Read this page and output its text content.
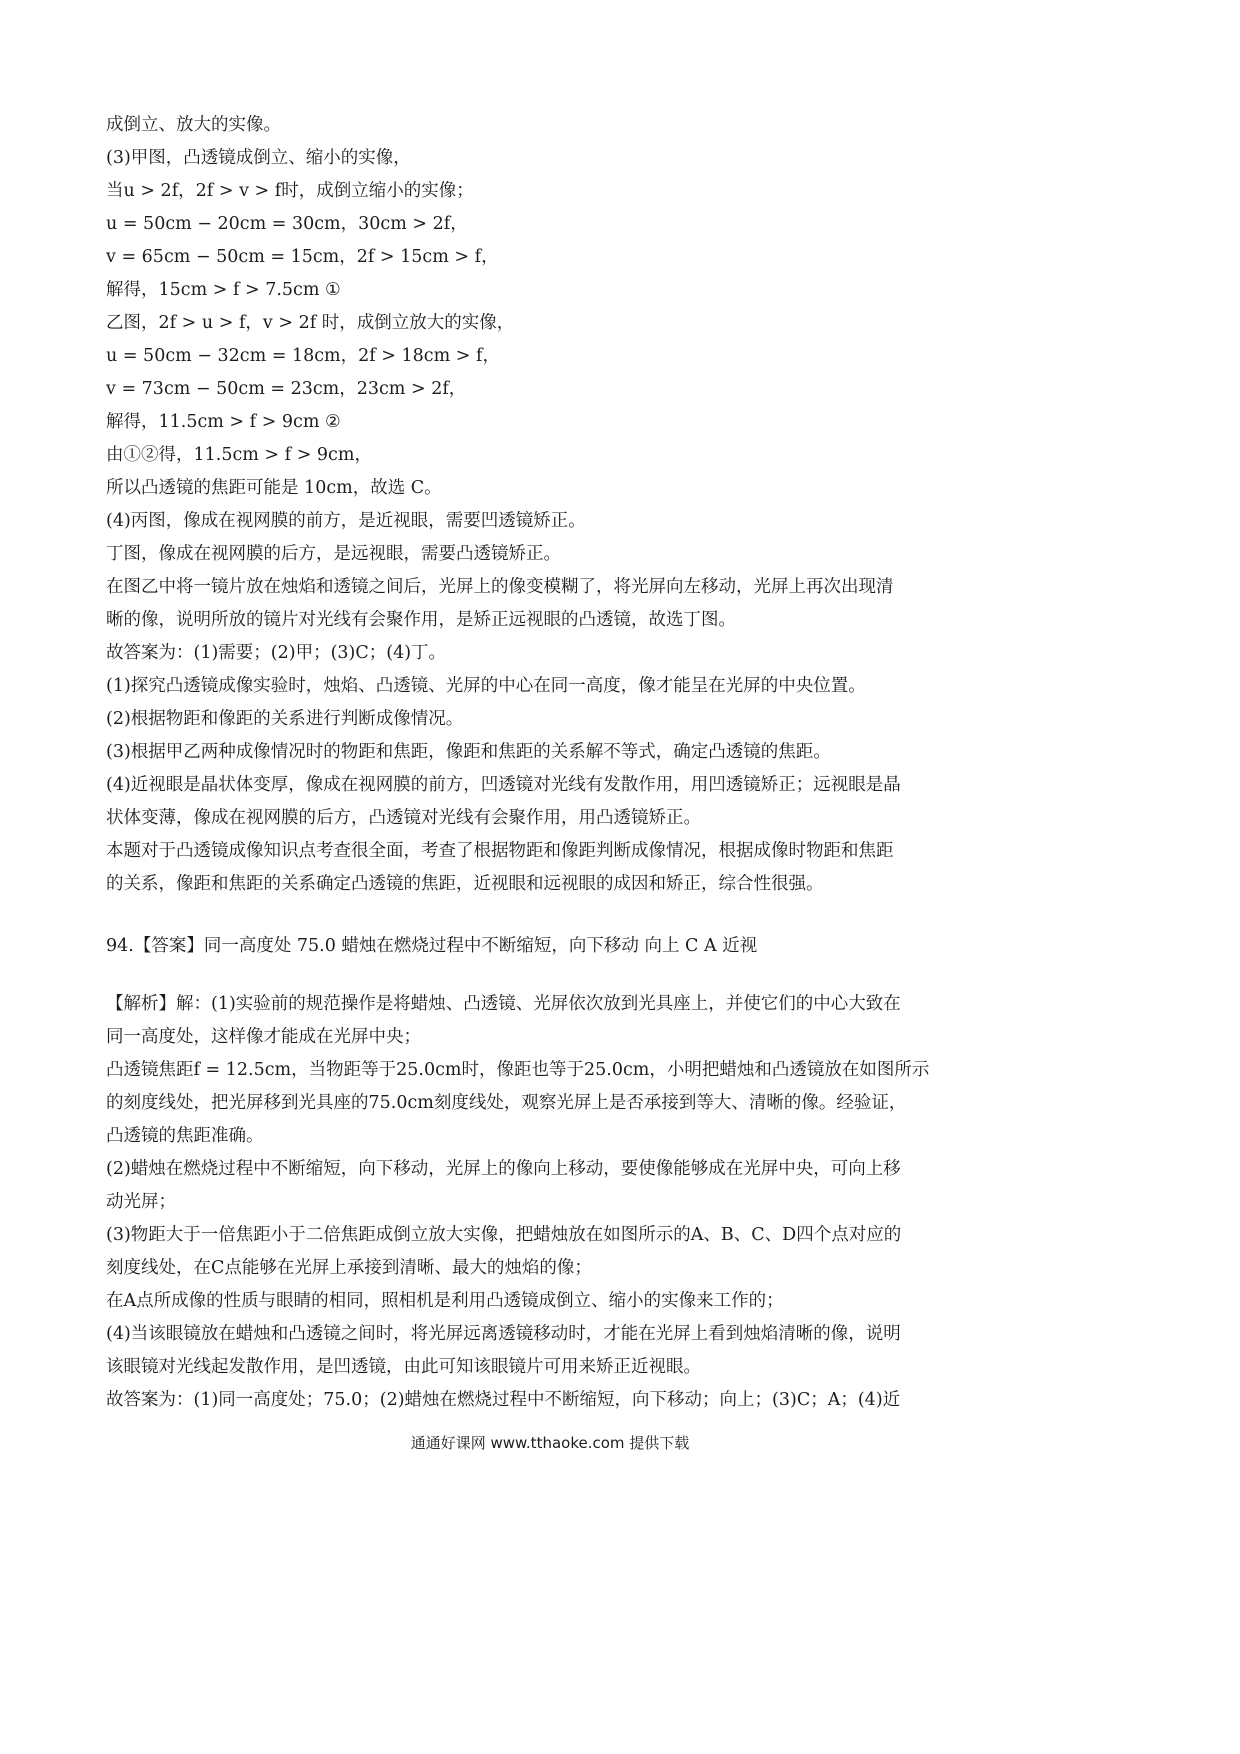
成倒立、放大的实像。
(3)甲图，凸透镜成倒立、缩小的实像，
当u > 2f，2f > v > f时，成倒立缩小的实像；
u = 50cm − 20cm = 30cm，30cm > 2f，
v = 65cm − 50cm = 15cm，2f > 15cm > f，
解得，15cm > f > 7.5cm ①
乙图，2f > u > f，v > 2f 时，成倒立放大的实像，
u = 50cm − 32cm = 18cm，2f > 18cm > f，
v = 73cm − 50cm = 23cm，23cm > 2f，
解得，11.5cm > f > 9cm ②
由①②得，11.5cm > f > 9cm，
所以凸透镜的焦距可能是 10cm，故选 C。
(4)丙图，像成在视网膜的前方，是近视眼，需要凹透镜矫正。
丁图，像成在视网膜的后方，是远视眼，需要凸透镜矫正。
在图乙中将一镜片放在烛焰和透镜之间后，光屏上的像变模糊了，将光屏向左移动，光屏上再次出现清
晰的像，说明所放的镜片对光线有会聚作用，是矫正远视眼的凸透镜，故选丁图。
故答案为：(1)需要；(2)甲；(3)C；(4)丁。
(1)探究凸透镜成像实验时，烛焰、凸透镜、光屏的中心在同一高度，像才能呈在光屏的中央位置。
(2)根据物距和像距的关系进行判断成像情况。
(3)根据甲乙两种成像情况时的物距和焦距，像距和焦距的关系解不等式，确定凸透镜的焦距。
(4)近视眼是晶状体变厚，像成在视网膜的前方，凹透镜对光线有发散作用，用凹透镜矫正；远视眼是晶
状体变薄，像成在视网膜的后方，凸透镜对光线有会聚作用，用凸透镜矫正。
本题对于凸透镜成像知识点考查很全面，考查了根据物距和像距判断成像情况，根据成像时物距和焦距
的关系，像距和焦距的关系确定凸透镜的焦距，近视眼和远视眼的成因和矫正，综合性很强。
94.【答案】同一高度处 75.0 蜡烛在燃烧过程中不断缩短，向下移动 向上 C A 近视
【解析】解：(1)实验前的规范操作是将蜡烛、凸透镜、光屏依次放到光具座上，并使它们的中心大致在
同一高度处，这样像才能成在光屏中央；
凸透镜焦距f = 12.5cm，当物距等于25.0cm时，像距也等于25.0cm，小明把蜡烛和凸透镜放在如图所示
的刻度线处，把光屏移到光具座的75.0cm刻度线处，观察光屏上是否承接到等大、清晰的像。经验证，
凸透镜的焦距准确。
(2)蜡烛在燃烧过程中不断缩短，向下移动，光屏上的像向上移动，要使像能够成在光屏中央，可向上移
动光屏；
(3)物距大于一倍焦距小于二倍焦距成倒立放大实像，把蜡烛放在如图所示的A、B、C、D四个点对应的
刻度线处，在C点能够在光屏上承接到清晰、最大的烛焰的像；
在A点所成像的性质与眼睛的相同，照相机是利用凸透镜成倒立、缩小的实像来工作的；
(4)当该眼镜放在蜡烛和凸透镜之间时，将光屏远离透镜移动时，才能在光屏上看到烛焰清晰的像，说明
该眼镜对光线起发散作用，是凹透镜，由此可知该眼镜片可用来矫正近视眼。
故答案为：(1)同一高度处；75.0；(2)蜡烛在燃烧过程中不断缩短，向下移动；向上；(3)C；A；(4)近
通通好课网 www.tthaoke.com 提供下载
